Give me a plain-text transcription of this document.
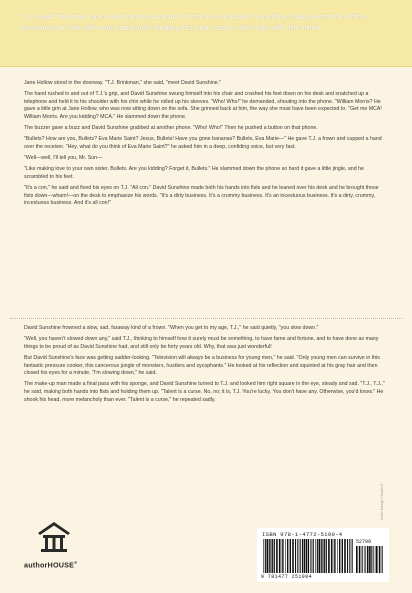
T.J. heard the door open and turned around in time to see David Sunshine charge into the office, loosening his tie with one hand and slinging his suit coat on the sofa with the other.

Jane Hollow stood in the doorway. "T.J. Brinkman," she said, "meet David Sunshine."

The hand rushed in and out of T.J.'s grip, and David Sunshine swung himself into his chair and crashed his feet down on his desk and snatched up a telephone and held it to his shoulder with his chin while he rolled up his sleeves. "Who! Who!" he demanded, shouting into the phone. "William Morris? He gave a little grin at Jane Hollow, who was now sitting down on the sofa. She grinned back at him, the way she must have been expected to. "Get me MCA! William Morris. Are you kidding? MCA." He slammed down the phone.

The buzzer gave a buzz and David Sunshine grabbed at another phone. "Who! Who!" Then he pushed a button on that phone.

"Bullets? How are you, Bullets? Eva Marie Saint? Jesus, Bullets! Have you gone bananas? Bullets, Eva Marie—" He gave T.J. a frown and cupped a hand over the receiver. "Hey, what do you think of Eva Marie Saint?" he asked him in a deep, confiding voice, but very fast.

"Well—well, I'll tell you, Mr. Sun—

"Like making love to your own sister, Bullets. Are you kidding? Forget it, Bullets." He slammed down the phone so hard it gave a little jingle, and he scrambled to his feet.

"It's a con," he said and fixed his eyes on T.J. "All con." David Sunshine made both his hands into fists and he leaned over his desk and he brought those fists down—wham!—on the desk to emphasize his words. "It's a dirty business. It's a crummy business. It's an incestuous business. It's a dirty, crummy, incestuous business. And it's all con!"

David Sunshine frowned a slow, sad, faraway kind of a frown. "When you get to my age, T.J.," he said quietly, "you slow down."

"Well, you haven't slowed down any," said T.J., thinking to himself how it surely must be something, to have fame and fortune, and to have done as many things to be proud of as David Sunshine had, and still only be forty years old. Why, that was just wonderful!

But David Sunshine's face was getting sadder-looking. "Television will always be a business for young men," he said. "Only young men can survive in this fantastic pressure cooker, this cancerous jungle of monsters, hustlers and sycophants." He looked at his reflection and squinted at his gray hair and then closed his eyes for a minute. "I'm slowing down," he said.

The make-up man made a final pass with his sponge, and David Sunshine turned to T.J. and looked him right square in the eye, steady and sad. "T.J., T.J.," he said, making both hands into fists and holding them up. "Talent is a curse. No, no; it is, T.J. You're lucky. You don't have any. Otherwise, you'd know." He shook his head, more melancholy than ever. "Talent is a curse," he repeated sadly.

Cover Design / Studio ©
authorHOUSE®
ISBN 978-1-4772-5190-4
52799
9 781477 251904
